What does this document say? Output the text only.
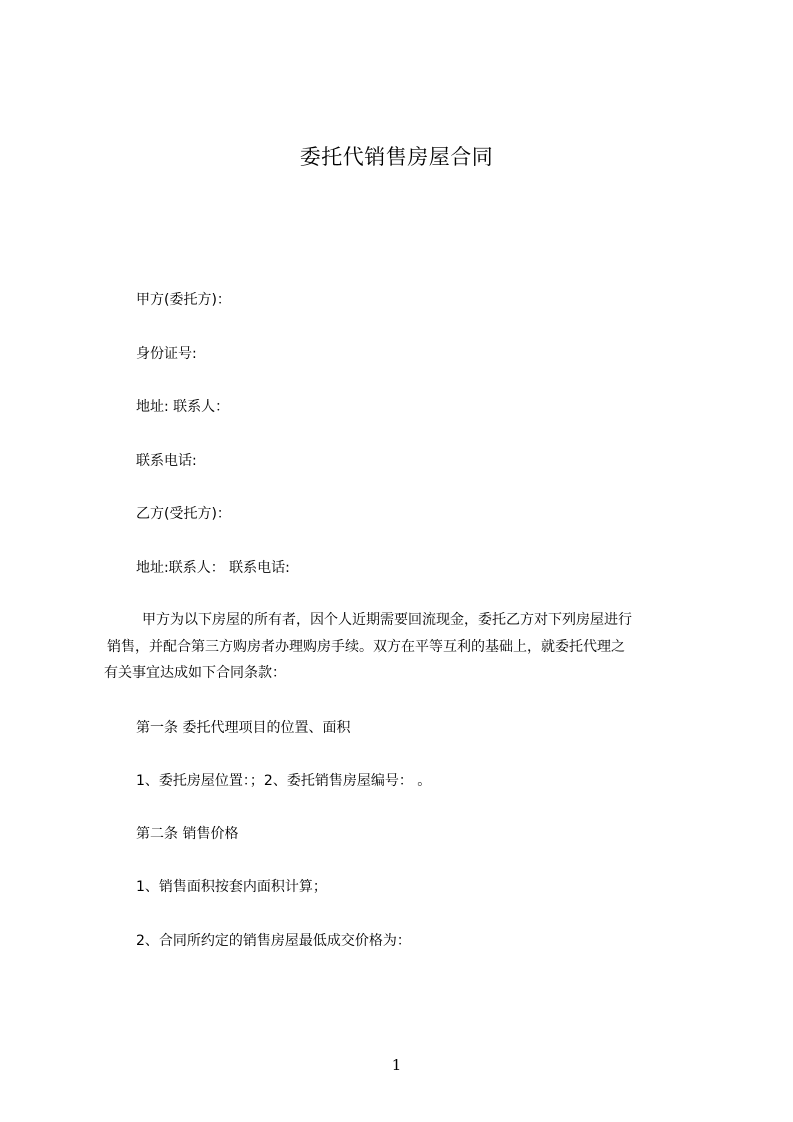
委托代销售房屋合同
甲方(委托方)：
身份证号:
地址: 联系人：
联系电话:
乙方(受托方)：
地址:联系人： 联系电话:
甲方为以下房屋的所有者，因个人近期需要回流现金，委托乙方对下列房屋进行
销售，并配合第三方购房者办理购房手续。双方在平等互利的基础上，就委托代理之
有关事宜达成如下合同条款：
第一条 委托代理项目的位置、面积
1、委托房屋位置：；2、委托销售房屋编号： 。
第二条 销售价格
1、销售面积按套内面积计算；
2、合同所约定的销售房屋最低成交价格为：
1
